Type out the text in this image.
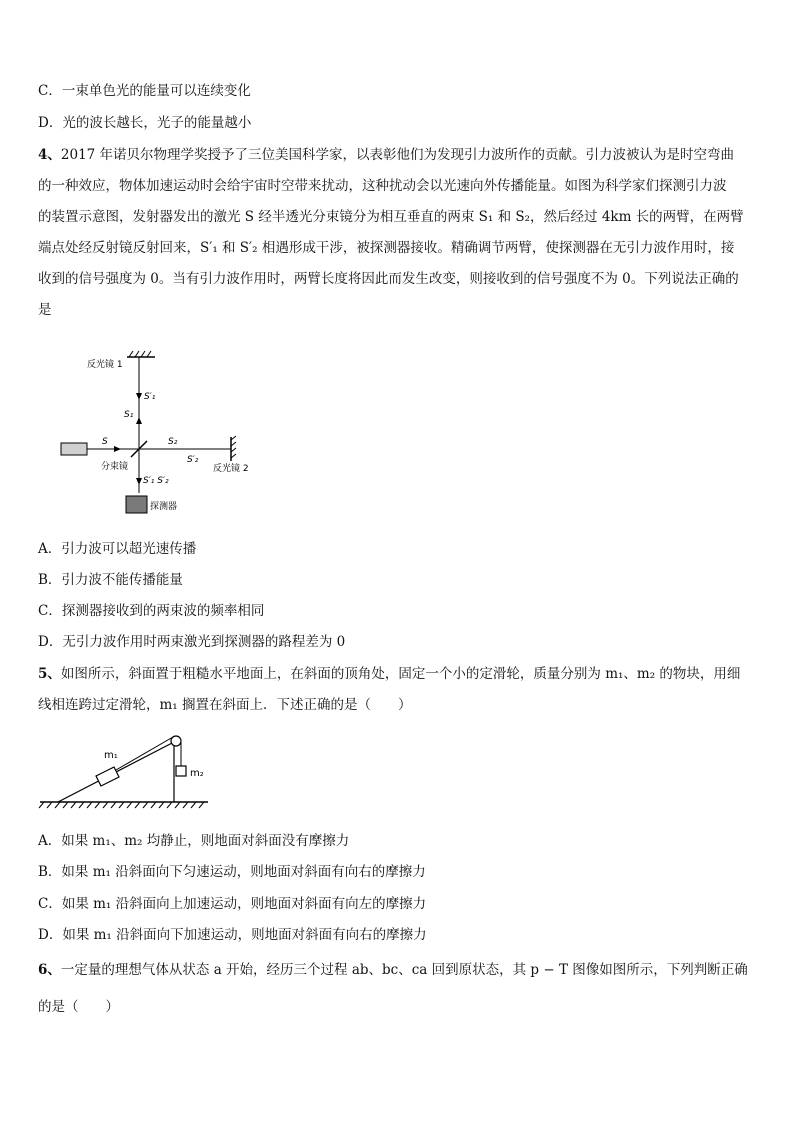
C．一束单色光的能量可以连续变化
D．光的波长越长，光子的能量越小
4、2017 年诺贝尔物理学奖授予了三位美国科学家，以表彰他们为发现引力波所作的贡献。引力波被认为是时空弯曲
的一种效应，物体加速运动时会给宇宙时空带来扰动，这种扰动会以光速向外传播能量。如图为科学家们探测引力波
的装置示意图，发射器发出的激光 S 经半透光分束镜分为相互垂直的两束 S₁ 和 S₂，然后经过 4km 长的两臂，在两臂
端点处经反射镜反射回来，S′₁ 和 S′₂ 相遇形成干涉，被探测器接收。精确调节两臂，使探测器在无引力波作用时，接
收到的信号强度为 0。当有引力波作用时，两臂长度将因此而发生改变，则接收到的信号强度不为 0。下列说法正确的
是
反光镜 1
S′₁
S₁
S
分束镜
S₂
S′₂
反光镜 2
S′₁ S′₂
探测器
A．引力波可以超光速传播
B．引力波不能传播能量
C．探测器接收到的两束波的频率相同
D．无引力波作用时两束激光到探测器的路程差为 0
5、如图所示，斜面置于粗糙水平地面上，在斜面的顶角处，固定一个小的定滑轮，质量分别为 m₁、m₂ 的物块，用细
线相连跨过定滑轮，m₁ 搁置在斜面上．下述正确的是（　　）
m₁
m₂
A．如果 m₁、m₂ 均静止，则地面对斜面没有摩擦力
B．如果 m₁ 沿斜面向下匀速运动，则地面对斜面有向右的摩擦力
C．如果 m₁ 沿斜面向上加速运动，则地面对斜面有向左的摩擦力
D．如果 m₁ 沿斜面向下加速运动，则地面对斜面有向右的摩擦力
6、一定量的理想气体从状态 a 开始，经历三个过程 ab、bc、ca 回到原状态，其 p − T 图像如图所示，下列判断正确
的是（　　）
